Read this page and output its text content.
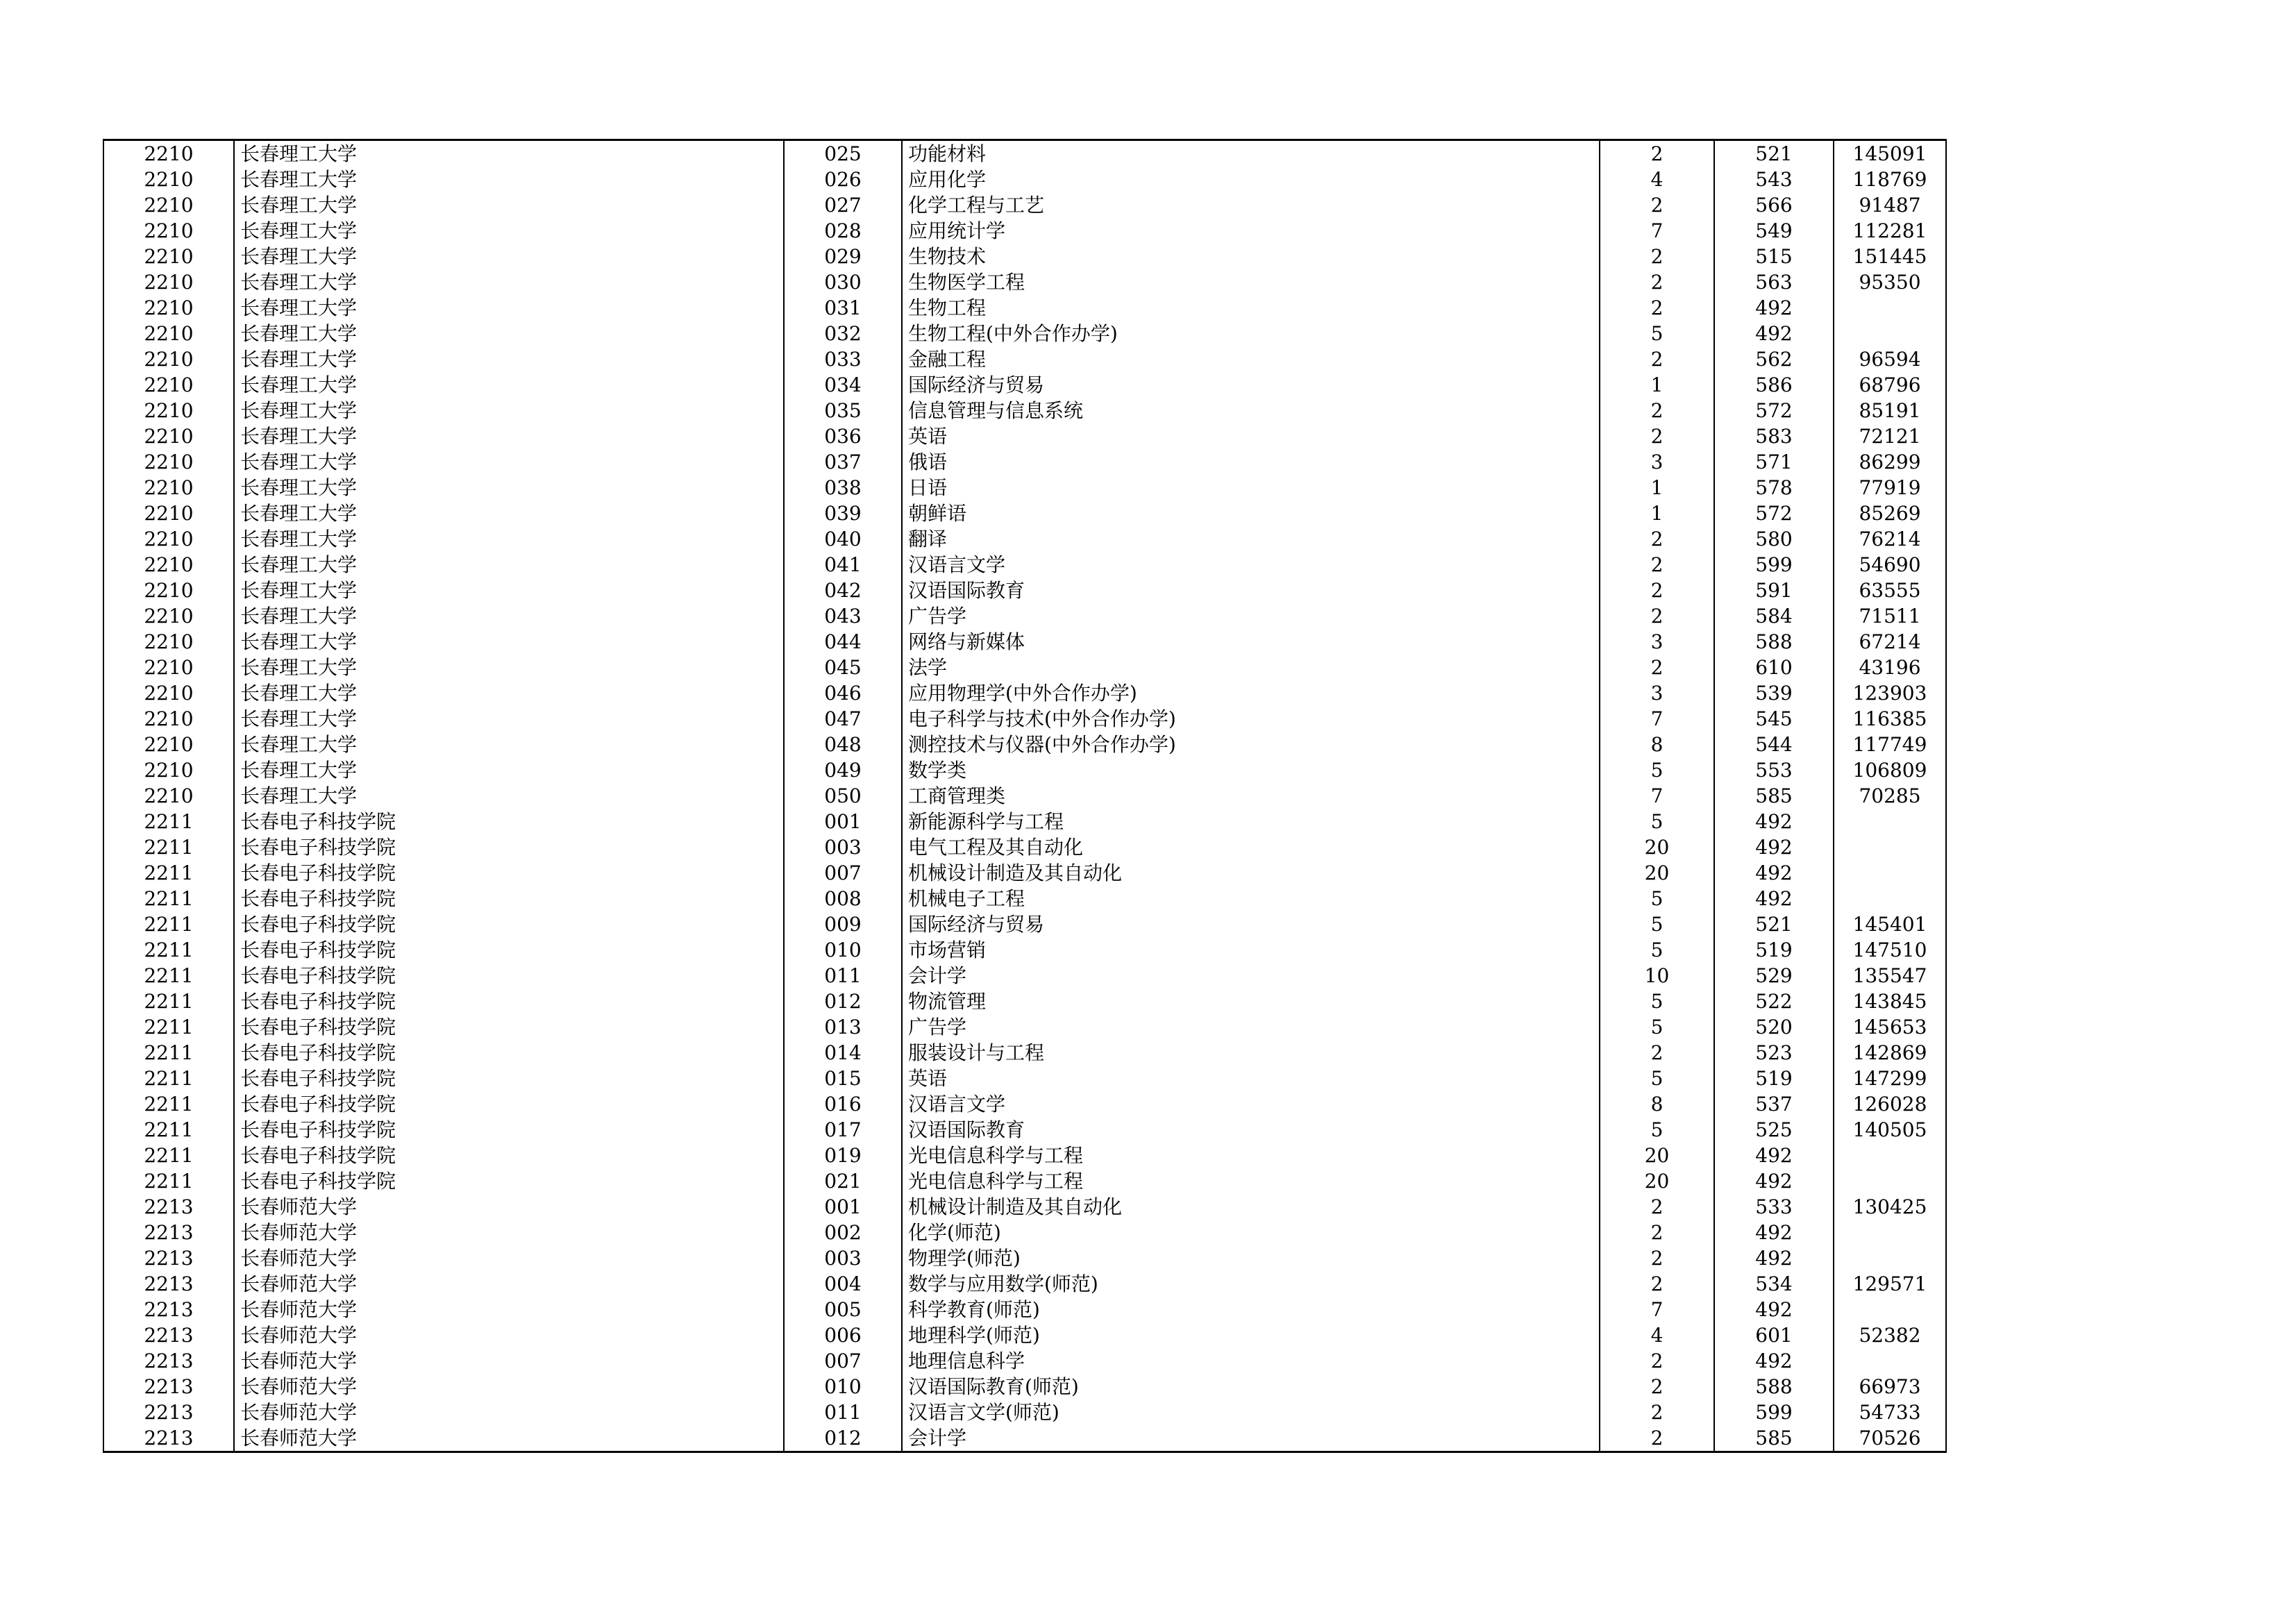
2210	长春理工大学	025	功能材料	2	521	145091
2210	长春理工大学	026	应用化学	4	543	118769
2210	长春理工大学	027	化学工程与工艺	2	566	91487
2210	长春理工大学	028	应用统计学	7	549	112281
2210	长春理工大学	029	生物技术	2	515	151445
2210	长春理工大学	030	生物医学工程	2	563	95350
2210	长春理工大学	031	生物工程	2	492	
2210	长春理工大学	032	生物工程(中外合作办学)	5	492	
2210	长春理工大学	033	金融工程	2	562	96594
2210	长春理工大学	034	国际经济与贸易	1	586	68796
2210	长春理工大学	035	信息管理与信息系统	2	572	85191
2210	长春理工大学	036	英语	2	583	72121
2210	长春理工大学	037	俄语	3	571	86299
2210	长春理工大学	038	日语	1	578	77919
2210	长春理工大学	039	朝鲜语	1	572	85269
2210	长春理工大学	040	翻译	2	580	76214
2210	长春理工大学	041	汉语言文学	2	599	54690
2210	长春理工大学	042	汉语国际教育	2	591	63555
2210	长春理工大学	043	广告学	2	584	71511
2210	长春理工大学	044	网络与新媒体	3	588	67214
2210	长春理工大学	045	法学	2	610	43196
2210	长春理工大学	046	应用物理学(中外合作办学)	3	539	123903
2210	长春理工大学	047	电子科学与技术(中外合作办学)	7	545	116385
2210	长春理工大学	048	测控技术与仪器(中外合作办学)	8	544	117749
2210	长春理工大学	049	数学类	5	553	106809
2210	长春理工大学	050	工商管理类	7	585	70285
2211	长春电子科技学院	001	新能源科学与工程	5	492	
2211	长春电子科技学院	003	电气工程及其自动化	20	492	
2211	长春电子科技学院	007	机械设计制造及其自动化	20	492	
2211	长春电子科技学院	008	机械电子工程	5	492	
2211	长春电子科技学院	009	国际经济与贸易	5	521	145401
2211	长春电子科技学院	010	市场营销	5	519	147510
2211	长春电子科技学院	011	会计学	10	529	135547
2211	长春电子科技学院	012	物流管理	5	522	143845
2211	长春电子科技学院	013	广告学	5	520	145653
2211	长春电子科技学院	014	服装设计与工程	2	523	142869
2211	长春电子科技学院	015	英语	5	519	147299
2211	长春电子科技学院	016	汉语言文学	8	537	126028
2211	长春电子科技学院	017	汉语国际教育	5	525	140505
2211	长春电子科技学院	019	光电信息科学与工程	20	492	
2211	长春电子科技学院	021	光电信息科学与工程	20	492	
2213	长春师范大学	001	机械设计制造及其自动化	2	533	130425
2213	长春师范大学	002	化学(师范)	2	492	
2213	长春师范大学	003	物理学(师范)	2	492	
2213	长春师范大学	004	数学与应用数学(师范)	2	534	129571
2213	长春师范大学	005	科学教育(师范)	7	492	
2213	长春师范大学	006	地理科学(师范)	4	601	52382
2213	长春师范大学	007	地理信息科学	2	492	
2213	长春师范大学	010	汉语国际教育(师范)	2	588	66973
2213	长春师范大学	011	汉语言文学(师范)	2	599	54733
2213	长春师范大学	012	会计学	2	585	70526
